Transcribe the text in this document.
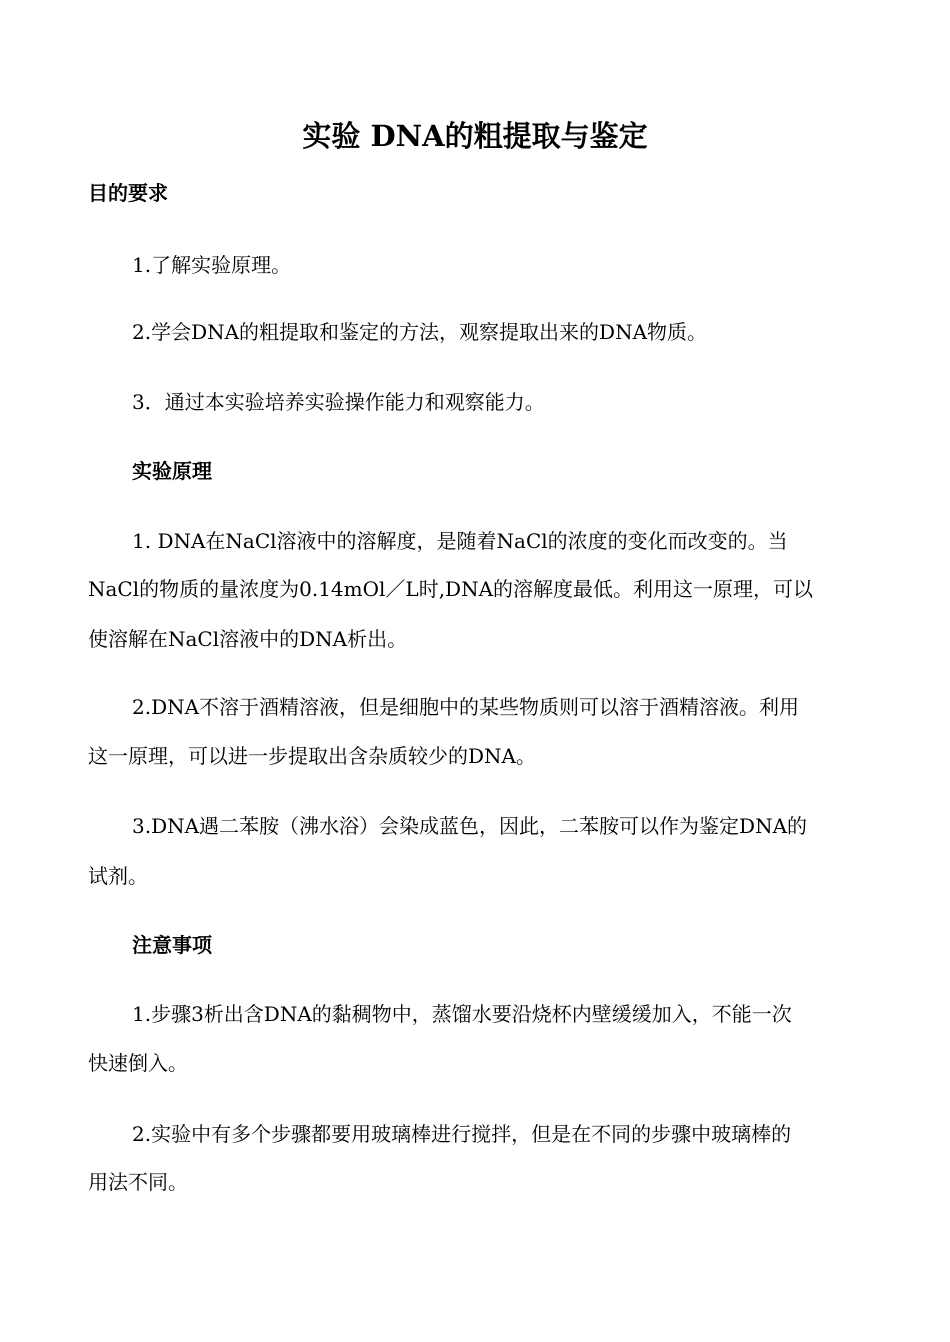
实验 DNA的粗提取与鉴定
目的要求
1.了解实验原理。
2.学会DNA的粗提取和鉴定的方法，观察提取出来的DNA物质。
3．通过本实验培养实验操作能力和观察能力。
实验原理
1. DNA在NaCl溶液中的溶解度，是随着NaCl的浓度的变化而改变的。当
NaCl的物质的量浓度为0.14mOl／L时,DNA的溶解度最低。利用这一原理，可以
使溶解在NaCl溶液中的DNA析出。
2.DNA不溶于酒精溶液，但是细胞中的某些物质则可以溶于酒精溶液。利用
这一原理，可以进一步提取出含杂质较少的DNA。
3.DNA遇二苯胺（沸水浴）会染成蓝色，因此，二苯胺可以作为鉴定DNA的
试剂。
注意事项
1.步骤3析出含DNA的黏稠物中，蒸馏水要沿烧杯内壁缓缓加入，不能一次
快速倒入。
2.实验中有多个步骤都要用玻璃棒进行搅拌，但是在不同的步骤中玻璃棒的
用法不同。
